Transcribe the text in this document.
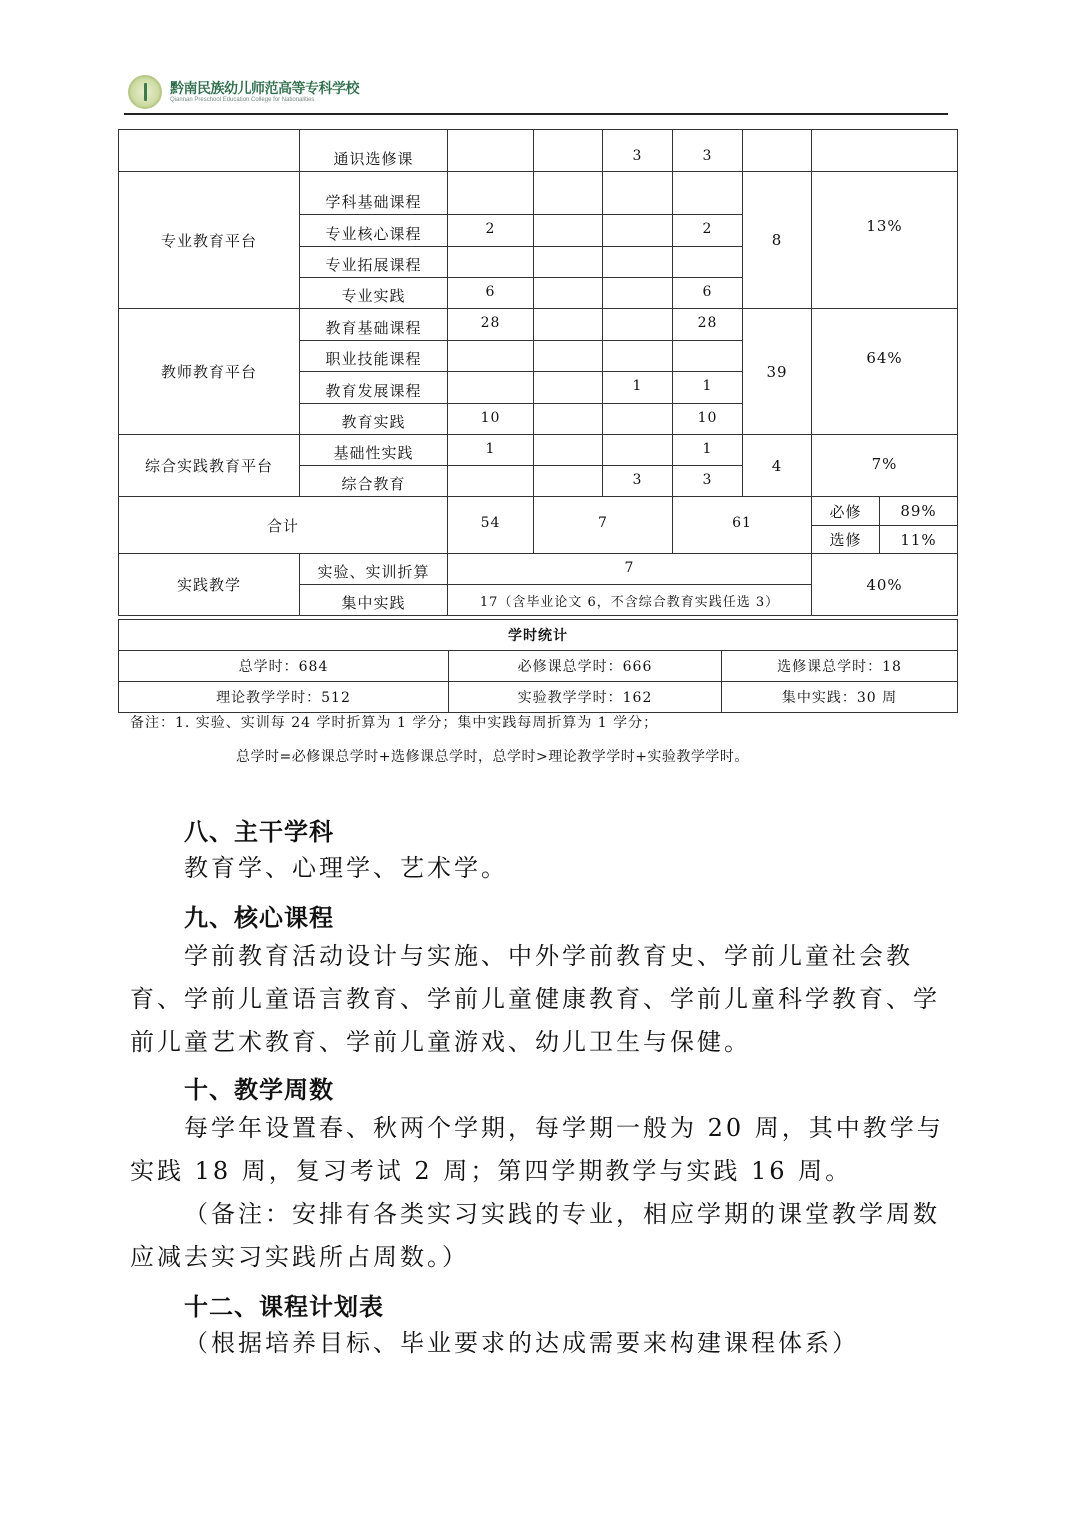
黔南民族幼儿师范高等专科学校
Qiannan Preschool Education College for Nationalities
	通识选修课			3	3			
专业教育平台	学科基础课程					8	13%	
	专业核心课程	2			2			
	专业拓展课程							
	专业实践	6			6			
教师教育平台	教育基础课程	28			28	39	64%	
	职业技能课程							
	教育发展课程			1	1			
	教育实践	10			10			
综合实践教育平台	基础性实践	1			1	4	7%	
	综合教育			3	3			
合计		54	7		61		必修	89%
							选修	11%
实践教学	实验、实训折算	7					40%	
	集中实践	17（含毕业论文 6，不含综合教育实践任选 3）						
学时统计		
总学时：684	必修课总学时：666	选修课总学时：18
理论教学学时：512	实验教学学时：162	集中实践：30 周
备注：1. 实验、实训每 24 学时折算为 1 学分；集中实践每周折算为 1 学分；
总学时=必修课总学时+选修课总学时，总学时>理论教学学时+实验教学学时。
八、主干学科
教育学、心理学、艺术学。
九、核心课程
学前教育活动设计与实施、中外学前教育史、学前儿童社会教育、学前儿童语言教育、学前儿童健康教育、学前儿童科学教育、学前儿童艺术教育、学前儿童游戏、幼儿卫生与保健。
十、教学周数
每学年设置春、秋两个学期，每学期一般为 20 周，其中教学与实践 18 周，复习考试 2 周；第四学期教学与实践 16 周。
（备注：安排有各类实习实践的专业，相应学期的课堂教学周数应减去实习实践所占周数。）
十二、课程计划表
（根据培养目标、毕业要求的达成需要来构建课程体系）
